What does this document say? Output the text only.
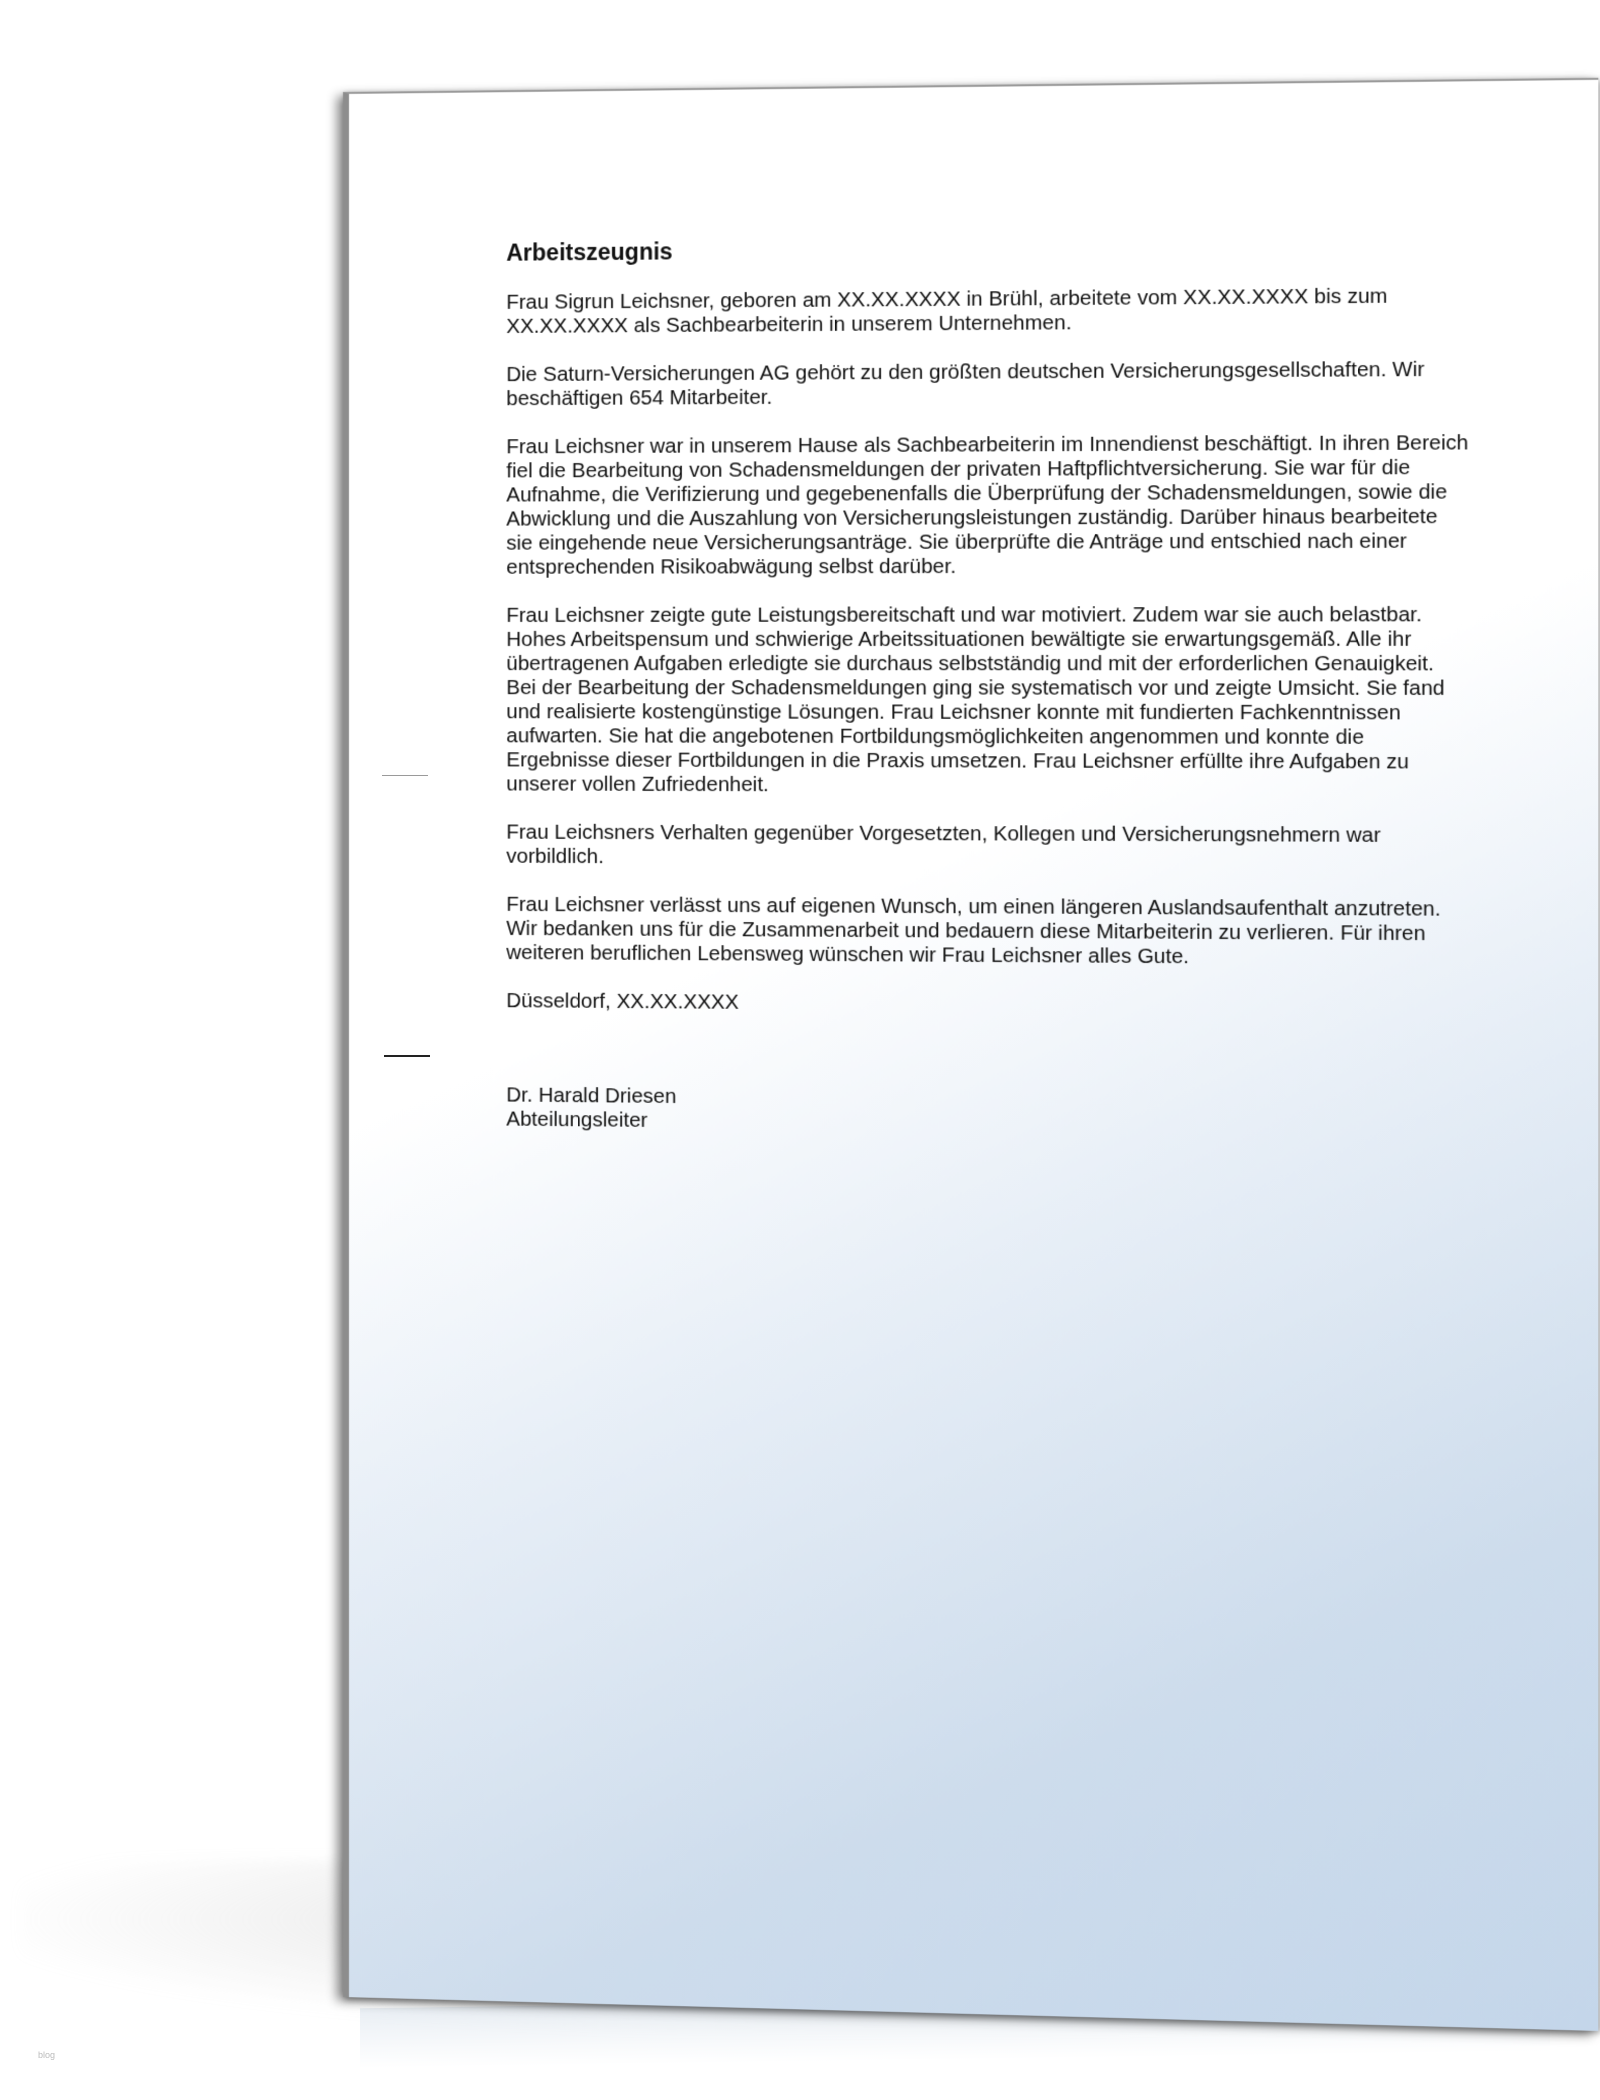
Arbeitszeugnis

Frau Sigrun Leichsner, geboren am XX.XX.XXXX in Brühl, arbeitete vom XX.XX.XXXX bis zum XX.XX.XXXX als Sachbearbeiterin in unserem Unternehmen.

Die Saturn-Versicherungen AG gehört zu den größten deutschen Versicherungsgesellschaften. Wir beschäftigen 654 Mitarbeiter.

Frau Leichsner war in unserem Hause als Sachbearbeiterin im Innendienst beschäftigt. In ihren Bereich fiel die Bearbeitung von Schadensmeldungen der privaten Haftpflichtversicherung. Sie war für die Aufnahme, die Verifizierung und gegebenenfalls die Überprüfung der Schadensmeldungen, sowie die Abwicklung und die Auszahlung von Versicherungsleistungen zuständig. Darüber hinaus bearbeitete sie eingehende neue Versicherungsanträge. Sie überprüfte die Anträge und entschied nach einer entsprechenden Risikoabwägung selbst darüber.

Frau Leichsner zeigte gute Leistungsbereitschaft und war motiviert. Zudem war sie auch belastbar. Hohes Arbeitspensum und schwierige Arbeitssituationen bewältigte sie erwartungsgemäß. Alle ihr übertragenen Aufgaben erledigte sie durchaus selbstständig und mit der erforderlichen Genauigkeit. Bei der Bearbeitung der Schadensmeldungen ging sie systematisch vor und zeigte Umsicht. Sie fand und realisierte kostengünstige Lösungen. Frau Leichsner konnte mit fundierten Fachkenntnissen aufwarten. Sie hat die angebotenen Fortbildungsmöglichkeiten angenommen und konnte die Ergebnisse dieser Fortbildungen in die Praxis umsetzen. Frau Leichsner erfüllte ihre Aufgaben zu unserer vollen Zufriedenheit.

Frau Leichsners Verhalten gegenüber Vorgesetzten, Kollegen und Versicherungsnehmern war vorbildlich.

Frau Leichsner verlässt uns auf eigenen Wunsch, um einen längeren Auslandsaufenthalt anzutreten. Wir bedanken uns für die Zusammenarbeit und bedauern diese Mitarbeiterin zu verlieren. Für ihren weiteren beruflichen Lebensweg wünschen wir Frau Leichsner alles Gute.

Düsseldorf, XX.XX.XXXX

Dr. Harald Driesen

Abteilungsleiter

blog
